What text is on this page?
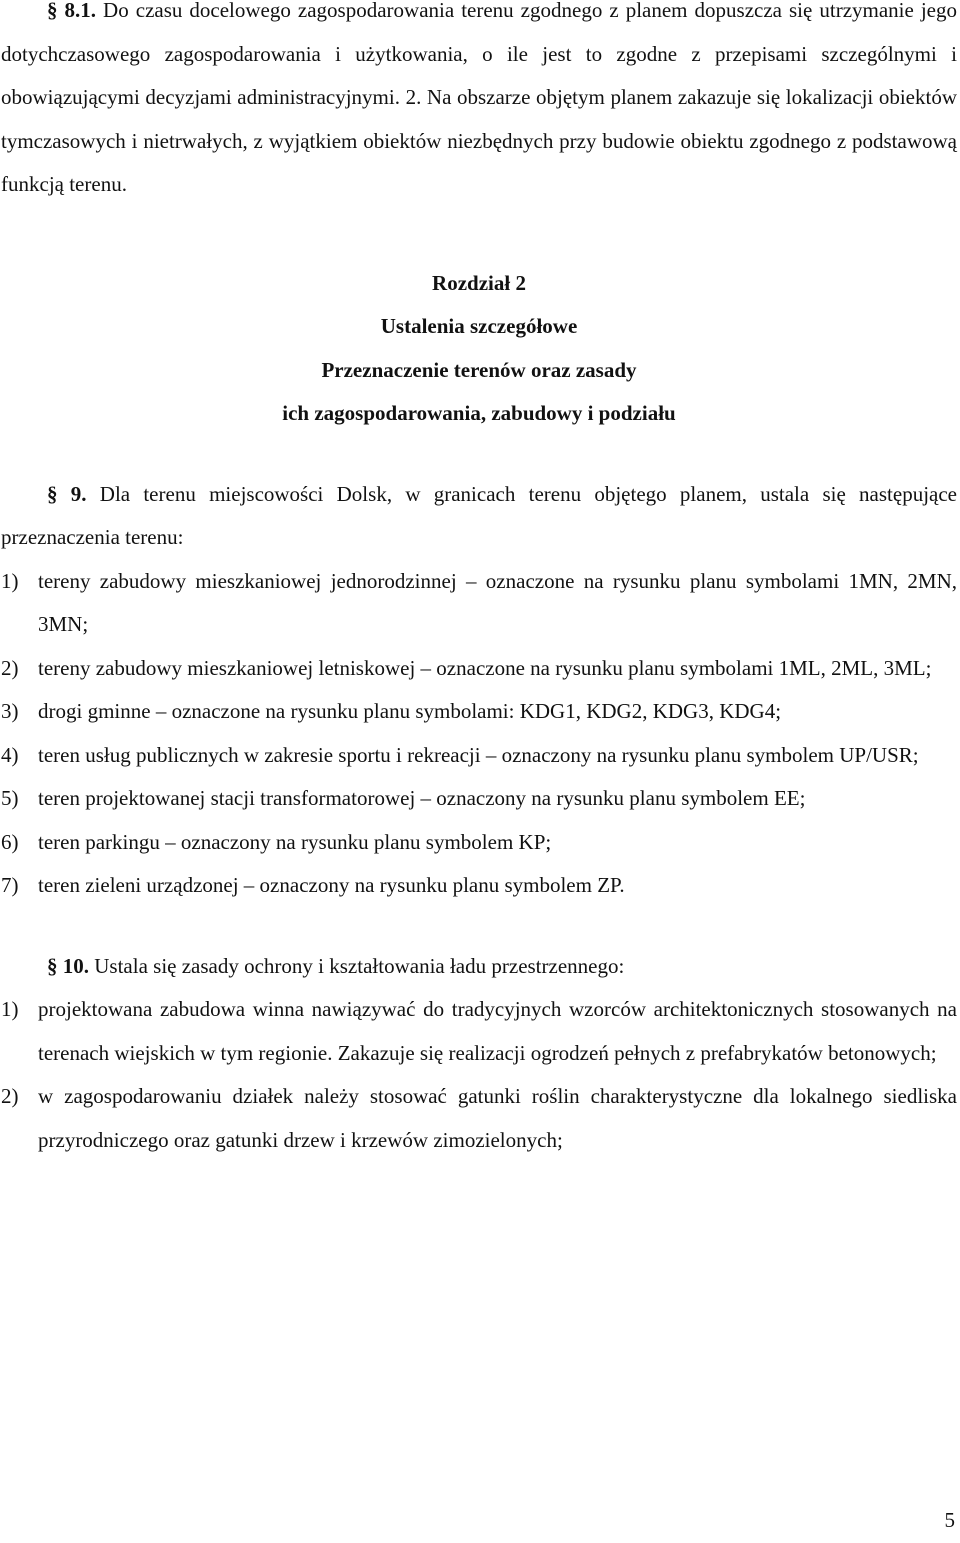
§ 8.1. Do czasu docelowego zagospodarowania terenu zgodnego z planem dopuszcza się utrzymanie jego dotychczasowego zagospodarowania i użytkowania, o ile jest to zgodne z przepisami szczególnymi i obowiązującymi decyzjami administracyjnymi. 2. Na obszarze objętym planem zakazuje się lokalizacji obiektów tymczasowych i nietrwałych, z wyjątkiem obiektów niezbędnych przy budowie obiektu zgodnego z podstawową funkcją terenu.

Rozdział 2

Ustalenia szczegółowe

Przeznaczenie terenów oraz zasady

ich zagospodarowania, zabudowy i podziału

§ 9. Dla terenu miejscowości Dolsk, w granicach terenu objętego planem, ustala się następujące przeznaczenia terenu:

1) tereny zabudowy mieszkaniowej jednorodzinnej – oznaczone na rysunku planu symbolami 1MN, 2MN, 3MN;
2) tereny zabudowy mieszkaniowej letniskowej – oznaczone na rysunku planu symbolami 1ML, 2ML, 3ML;
3) drogi gminne – oznaczone na rysunku planu symbolami: KDG1, KDG2, KDG3, KDG4;
4) teren usług publicznych w zakresie sportu i rekreacji – oznaczony na rysunku planu symbolem UP/USR;
5) teren projektowanej stacji transformatorowej – oznaczony na rysunku planu symbolem EE;
6) teren parkingu – oznaczony na rysunku planu symbolem KP;
7) teren zieleni urządzonej – oznaczony na rysunku planu symbolem ZP.

§ 10. Ustala się zasady ochrony i kształtowania ładu przestrzennego:

1) projektowana zabudowa winna nawiązywać do tradycyjnych wzorców architektonicznych stosowanych na terenach wiejskich w tym regionie. Zakazuje się realizacji ogrodzeń pełnych z prefabrykatów betonowych;
2) w zagospodarowaniu działek należy stosować gatunki roślin charakterystyczne dla lokalnego siedliska przyrodniczego oraz gatunki drzew i krzewów zimozielonych;
5
